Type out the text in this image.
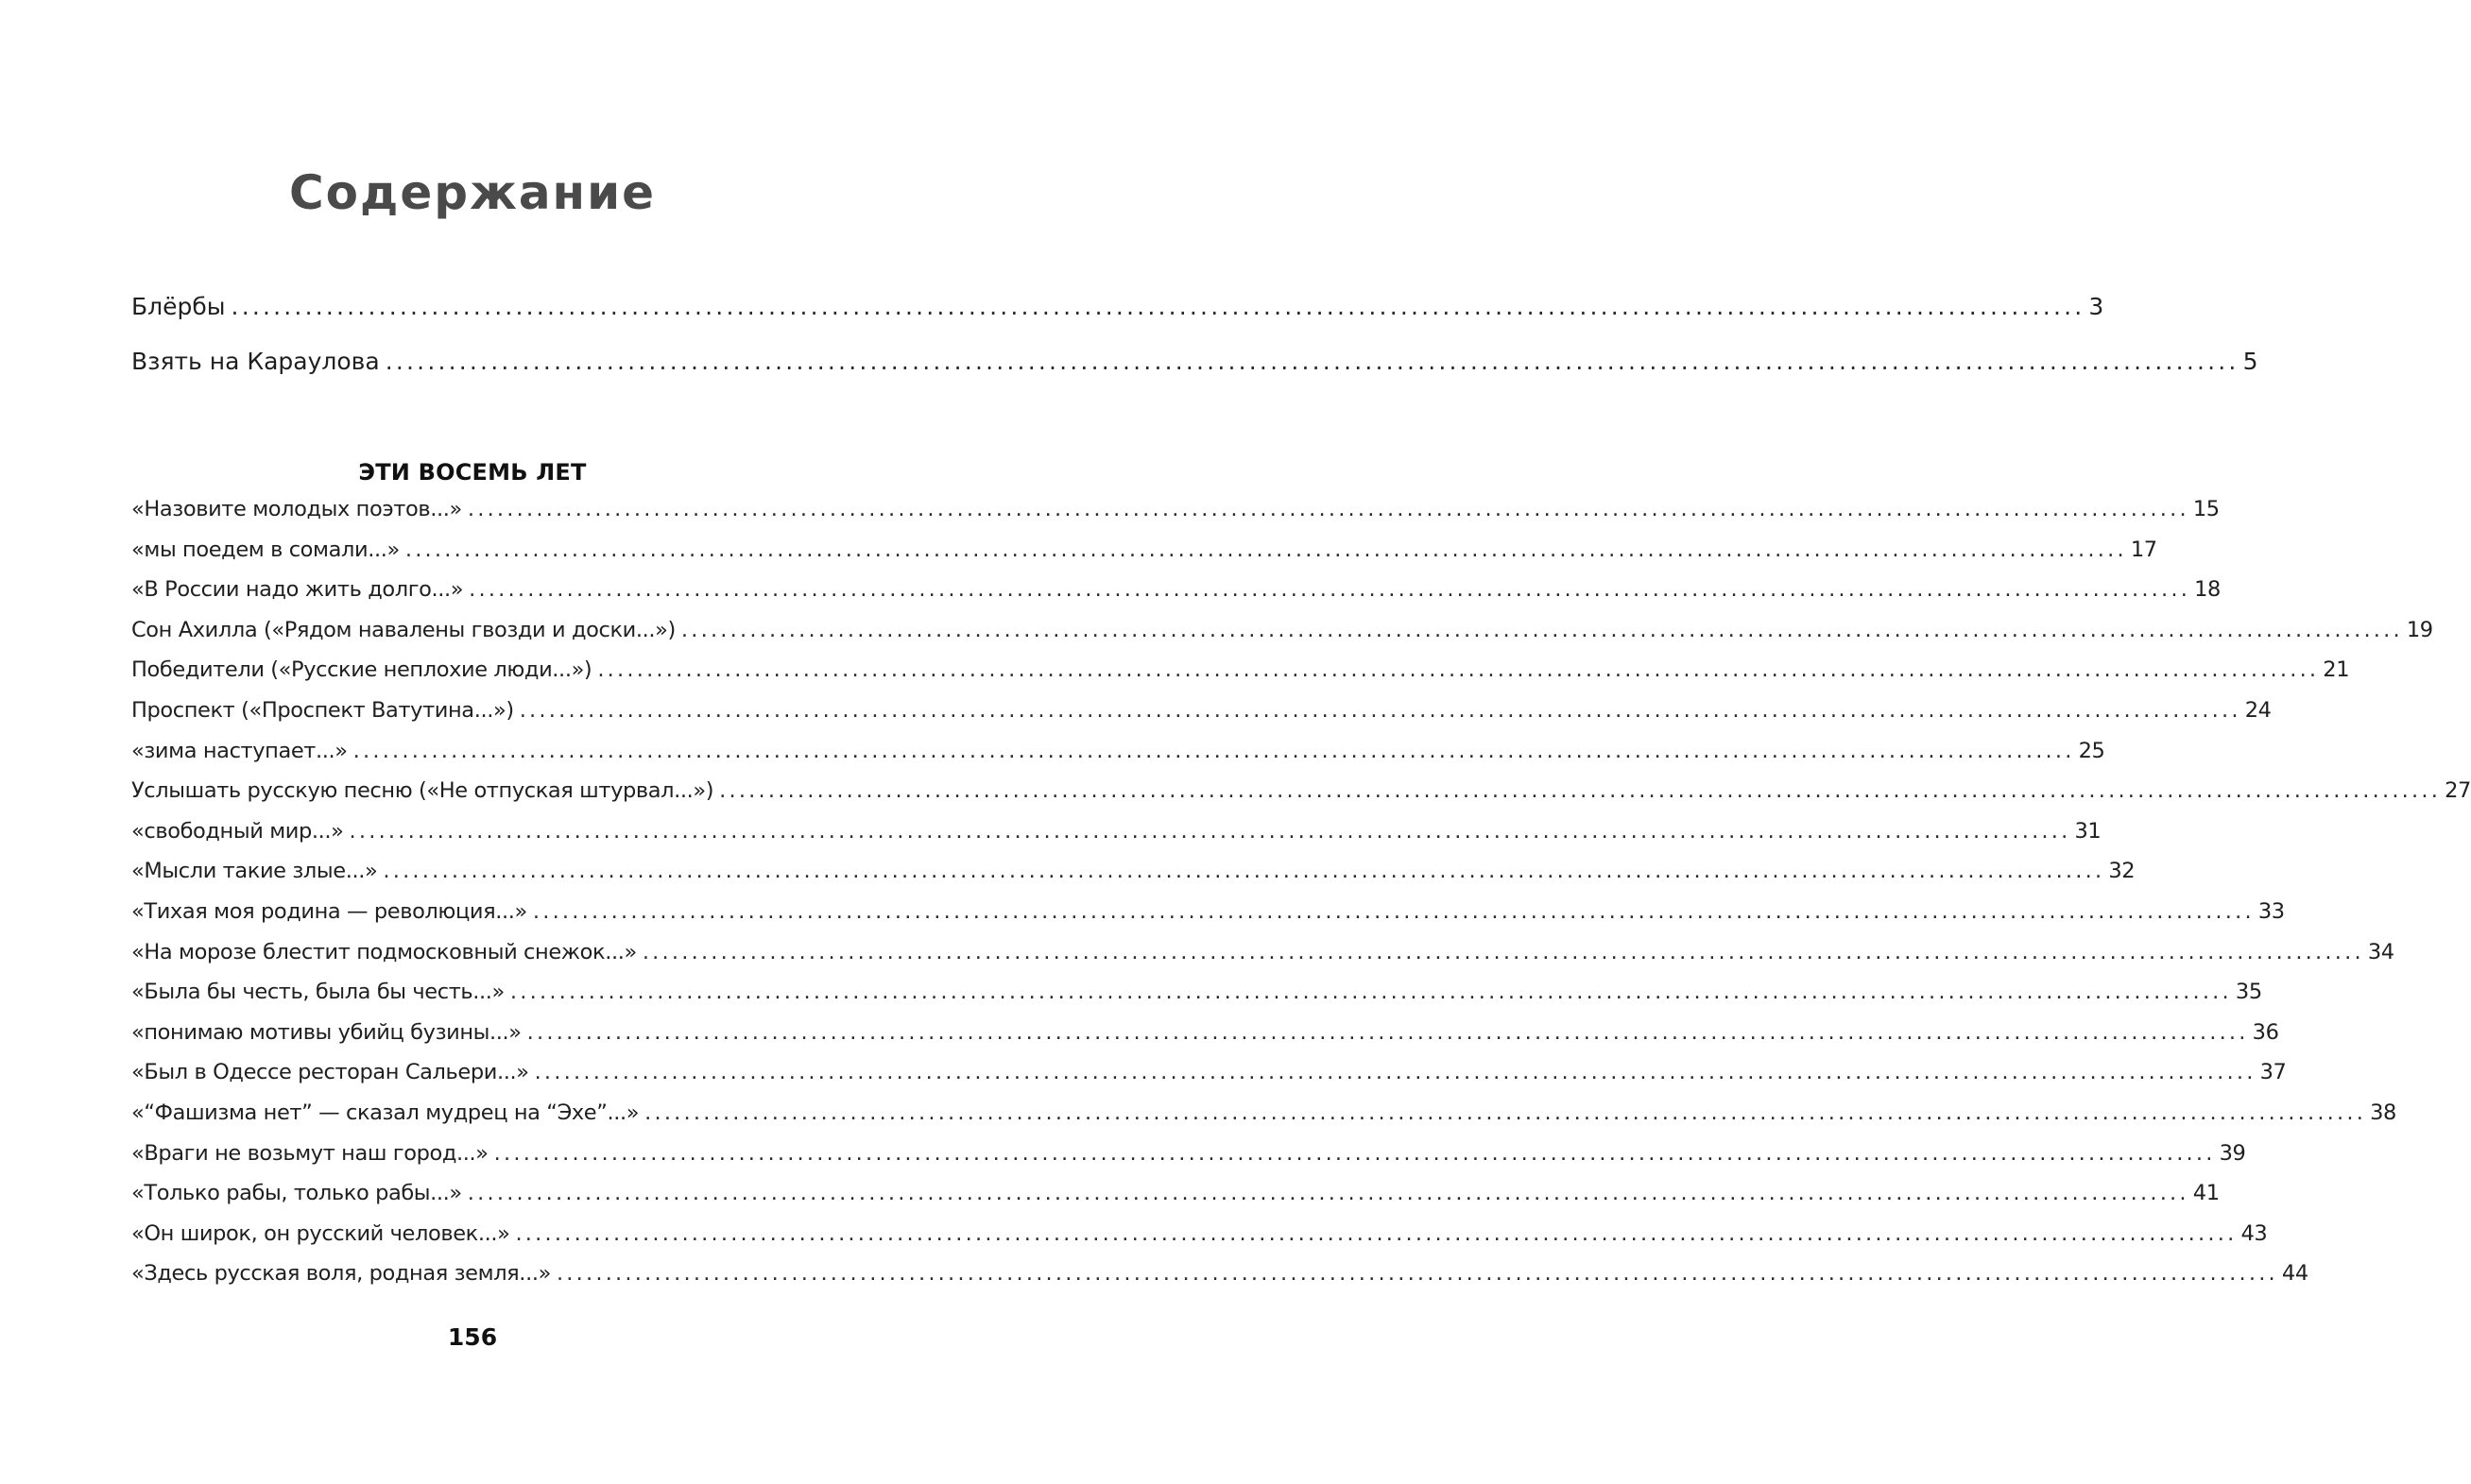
Содержание
Блёрбы .....	3
Взять на Караулова .....	5
ЭТИ ВОСЕМЬ ЛЕТ
«Назовите молодых поэтов...» .....	15
«мы поедем в сомали...» .....	17
«В России надо жить долго...» .....	18
Сон Ахилла («Рядом навалены гвозди и доски...») .....	19
Победители («Русские неплохие люди...») .....	21
Проспект («Проспект Ватутина...») .....	24
«зима наступает...» .....	25
Услышать русскую песню («Не отпуская штурвал...») .....	27
«свободный мир...» .....	31
«Мысли такие злые...» .....	32
«Тихая моя родина — революция...» .....	33
«На морозе блестит подмосковный снежок...» .....	34
«Была бы честь, была бы честь...» .....	35
«понимаю мотивы убийц бузины...» .....	36
«Был в Одессе ресторан Сальери...» .....	37
«“Фашизма нет” — сказал мудрец на “Эхе”...» .....	38
«Враги не возьмут наш город...» .....	39
«Только рабы, только рабы...» .....	41
«Он широк, он русский человек...» .....	43
«Здесь русская воля, родная земля...» .....	44
156
